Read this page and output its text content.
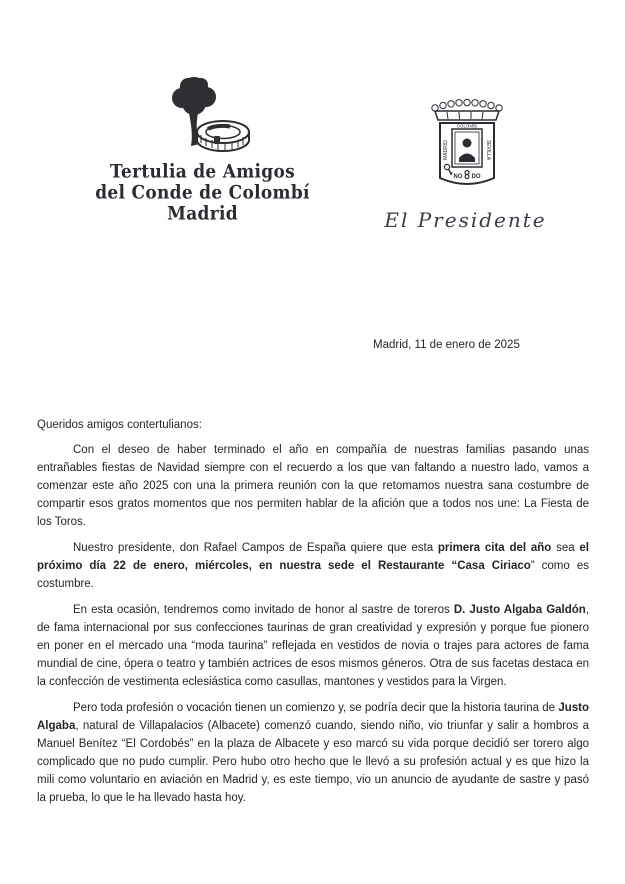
Tertulia de Amigos
del Conde de Colombí
Madrid
MADRID
COLOMBI
SEVILLA
NO DO
El Presidente
Madrid, 11 de enero de 2025

Queridos amigos contertulianos:

Con el deseo de haber terminado el año en compañía de nuestras familias pasando unas entrañables fiestas de Navidad siempre con el recuerdo a los que van faltando a nuestro lado, vamos a comenzar este año 2025 con una la primera reunión con la que retomamos nuestra sana costumbre de compartir esos gratos momentos que nos permiten hablar de la afición que a todos nos une: La Fiesta de los Toros.

Nuestro presidente, don Rafael Campos de España quiere que esta primera cita del año sea el próximo día 22 de enero, miércoles, en nuestra sede el Restaurante “Casa Ciriaco” como es costumbre.

En esta ocasión, tendremos como invitado de honor al sastre de toreros D. Justo Algaba Galdón, de fama internacional por sus confecciones taurinas de gran creatividad y expresión y porque fue pionero en poner en el mercado una “moda taurina” reflejada en vestidos de novia o trajes para actores de fama mundial de cine, ópera o teatro y también actrices de esos mismos géneros. Otra de sus facetas destaca en la confección de vestimenta eclesiástica como casullas, mantones y vestidos para la Virgen.

Pero toda profesión o vocación tienen un comienzo y, se podría decir que la historia taurina de Justo Algaba, natural de Villapalacios (Albacete) comenzó cuando, siendo niño, vio triunfar y salir a hombros a Manuel Benítez “El Cordobés” en la plaza de Albacete y eso marcó su vida porque decidió ser torero algo complicado que no pudo cumplir. Pero hubo otro hecho que le llevó a su profesión actual y es que hizo la mili como voluntario en aviación en Madrid y, es este tiempo, vio un anuncio de ayudante de sastre y pasó la prueba, lo que le ha llevado hasta hoy.
